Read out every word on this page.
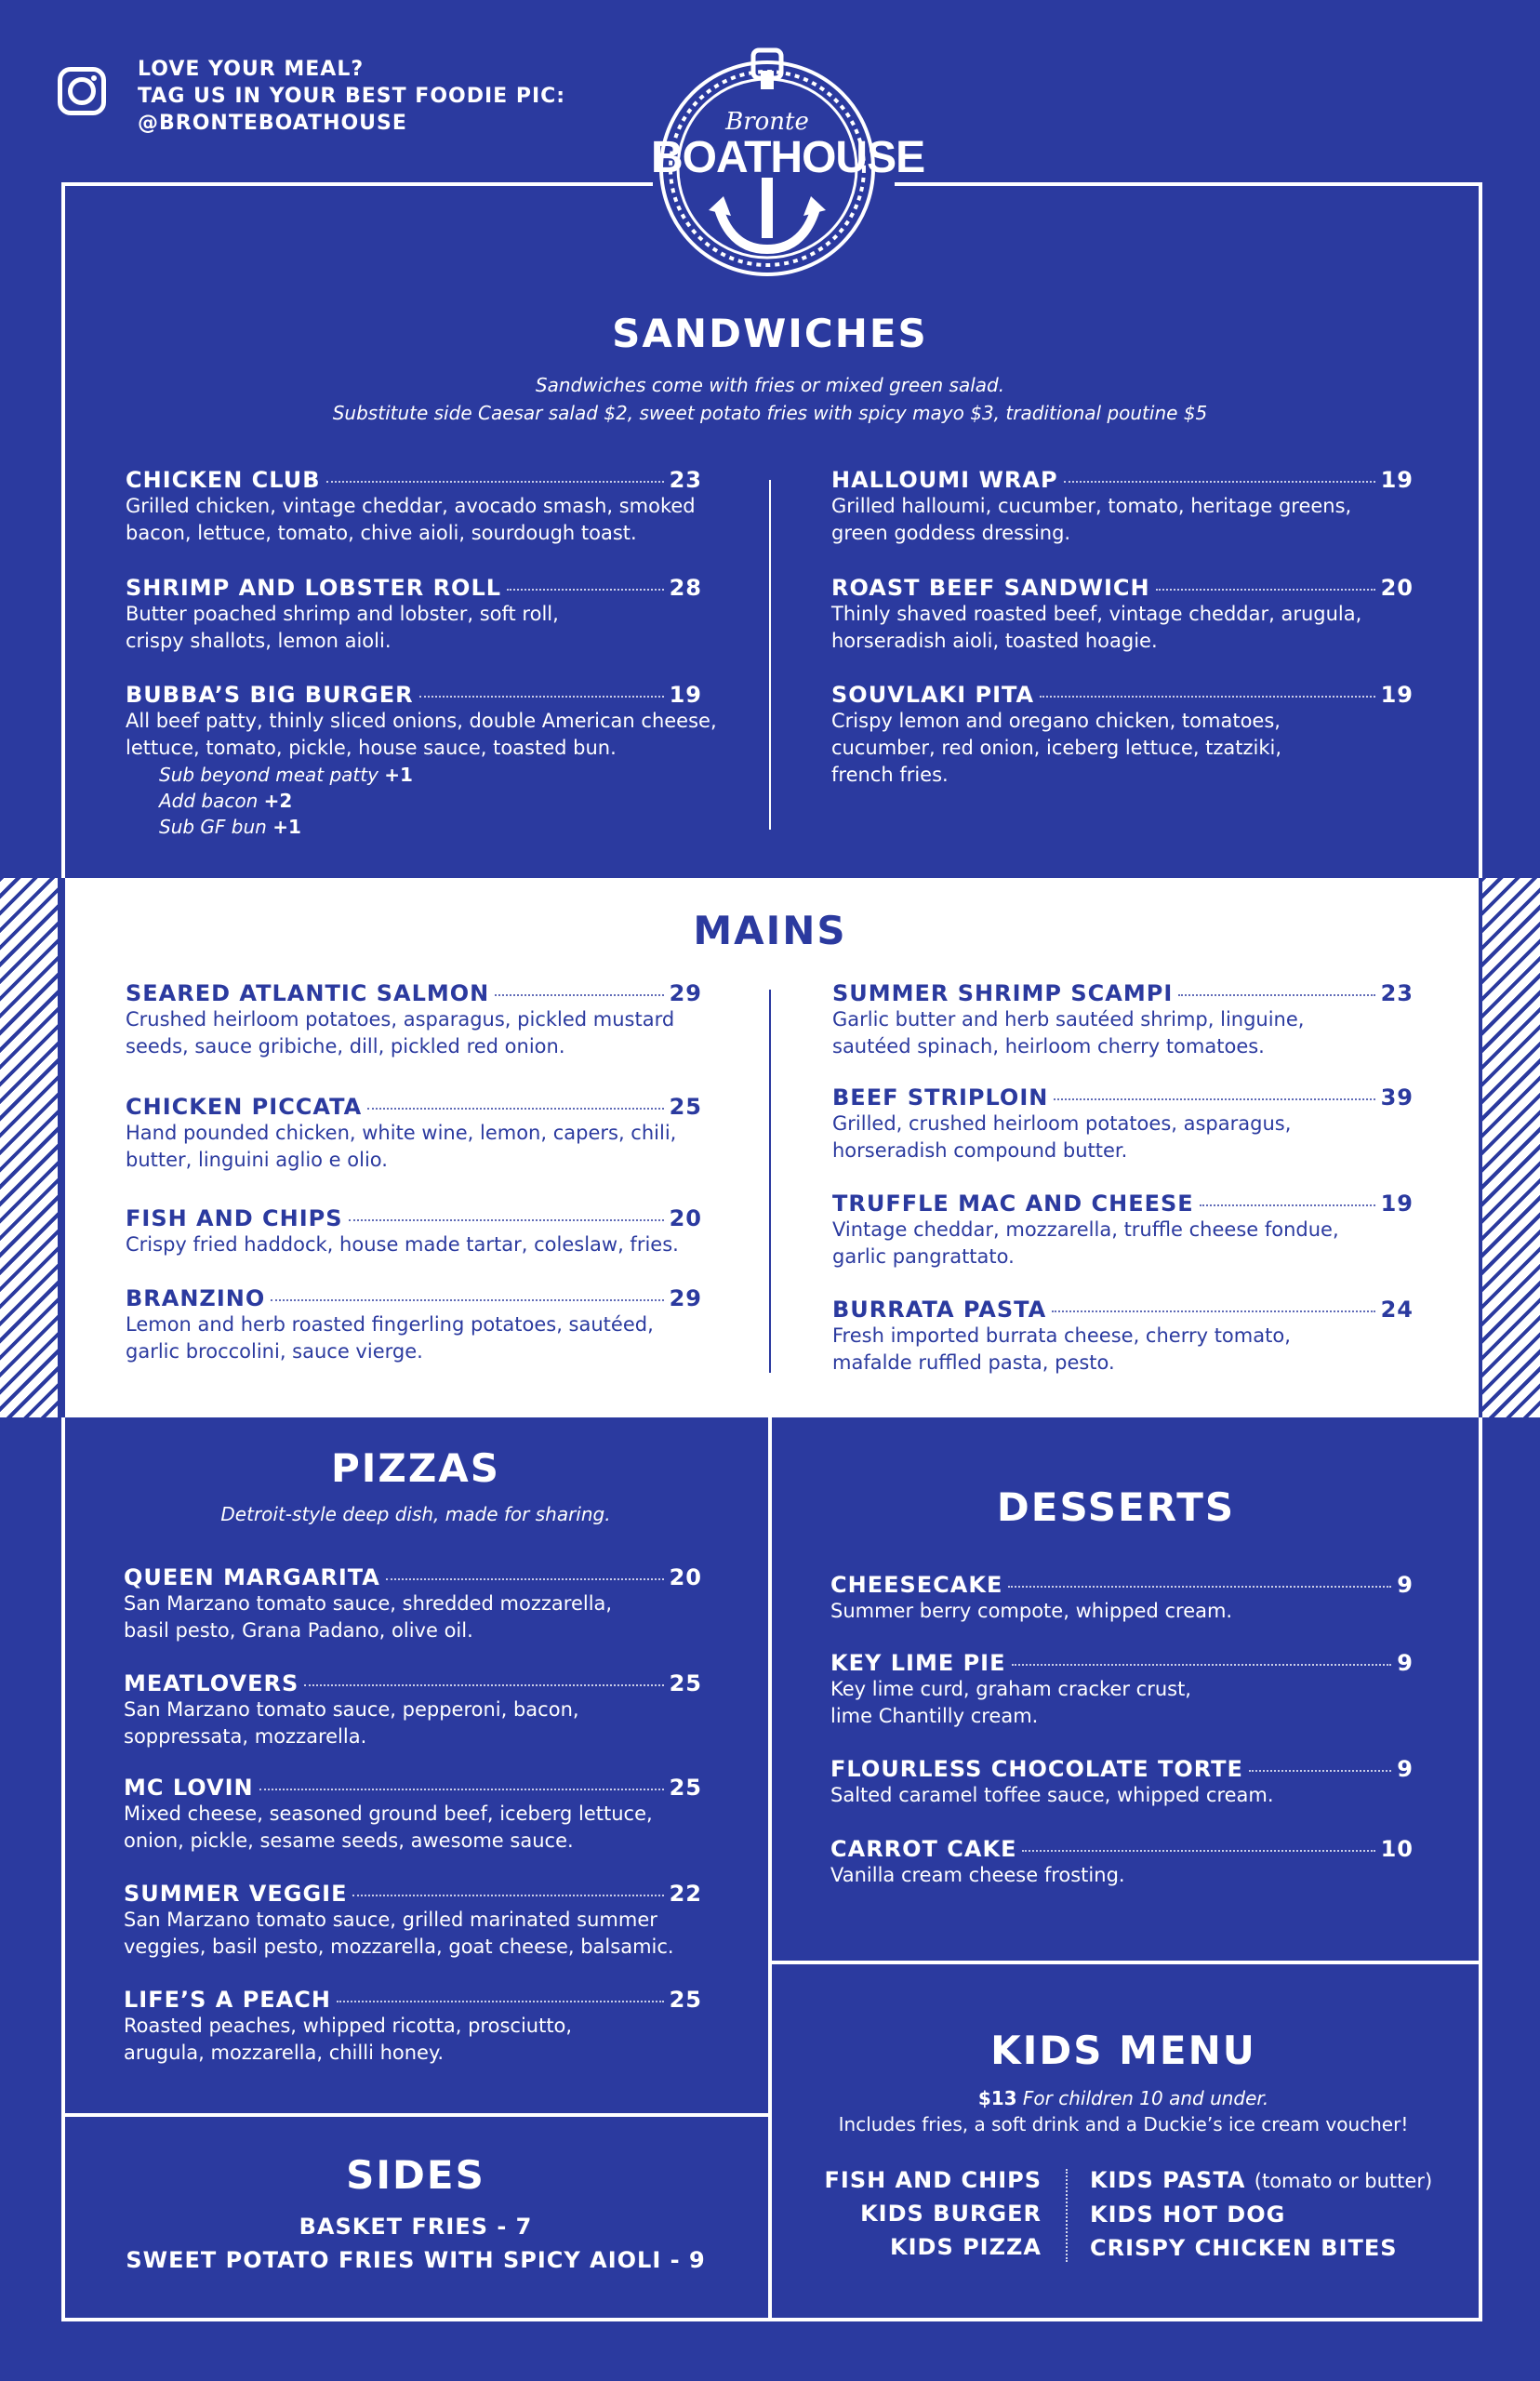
LOVE YOUR MEAL?
TAG US IN YOUR BEST FOODIE PIC:
@BRONTEBOATHOUSE	Bronte
BOATHOUSE
SANDWICHES
Sandwiches come with fries or mixed green salad.
Substitute side Caesar salad $2, sweet potato fries with spicy mayo $3, traditional poutine $5
CHICKEN CLUB	23
Grilled chicken, vintage cheddar, avocado smash, smoked
bacon, lettuce, tomato, chive aioli, sourdough toast.
SHRIMP AND LOBSTER ROLL	28
Butter poached shrimp and lobster, soft roll,
crispy shallots, lemon aioli.
BUBBA’S BIG BURGER	19
All beef patty, thinly sliced onions, double American cheese,
lettuce, tomato, pickle, house sauce, toasted bun.
Sub beyond meat patty +1
Add bacon +2
Sub GF bun +1
HALLOUMI WRAP	19
Grilled halloumi, cucumber, tomato, heritage greens,
green goddess dressing.
ROAST BEEF SANDWICH	20
Thinly shaved roasted beef, vintage cheddar, arugula,
horseradish aioli, toasted hoagie.
SOUVLAKI PITA	19
Crispy lemon and oregano chicken, tomatoes,
cucumber, red onion, iceberg lettuce, tzatziki,
french fries.
MAINS
SEARED ATLANTIC SALMON	29
Crushed heirloom potatoes, asparagus, pickled mustard
seeds, sauce gribiche, dill, pickled red onion.
CHICKEN PICCATA	25
Hand pounded chicken, white wine, lemon, capers, chili,
butter, linguini aglio e olio.
FISH AND CHIPS	20
Crispy fried haddock, house made tartar, coleslaw, fries.
BRANZINO	29
Lemon and herb roasted fingerling potatoes, sautéed,
garlic broccolini, sauce vierge.
SUMMER SHRIMP SCAMPI	23
Garlic butter and herb sautéed shrimp, linguine,
sautéed spinach, heirloom cherry tomatoes.
BEEF STRIPLOIN	39
Grilled, crushed heirloom potatoes, asparagus,
horseradish compound butter.
TRUFFLE MAC AND CHEESE	19
Vintage cheddar, mozzarella, truffle cheese fondue,
garlic pangrattato.
BURRATA PASTA	24
Fresh imported burrata cheese, cherry tomato,
mafalde ruffled pasta, pesto.
PIZZAS
Detroit-style deep dish, made for sharing.
QUEEN MARGARITA	20
San Marzano tomato sauce, shredded mozzarella,
basil pesto, Grana Padano, olive oil.
MEATLOVERS	25
San Marzano tomato sauce, pepperoni, bacon,
soppressata, mozzarella.
MC LOVIN	25
Mixed cheese, seasoned ground beef, iceberg lettuce,
onion, pickle, sesame seeds, awesome sauce.
SUMMER VEGGIE	22
San Marzano tomato sauce, grilled marinated summer
veggies, basil pesto, mozzarella, goat cheese, balsamic.
LIFE’S A PEACH	25
Roasted peaches, whipped ricotta, prosciutto,
arugula, mozzarella, chilli honey.
DESSERTS
CHEESECAKE	9
Summer berry compote, whipped cream.
KEY LIME PIE	9
Key lime curd, graham cracker crust,
lime Chantilly cream.
FLOURLESS CHOCOLATE TORTE	9
Salted caramel toffee sauce, whipped cream.
CARROT CAKE	10
Vanilla cream cheese frosting.
SIDES
BASKET FRIES - 7
SWEET POTATO FRIES WITH SPICY AIOLI - 9
KIDS MENU
$13 For children 10 and under.
Includes fries, a soft drink and a Duckie’s ice cream voucher!
FISH AND CHIPS
KIDS BURGER
KIDS PIZZA
KIDS PASTA (tomato or butter)
KIDS HOT DOG
CRISPY CHICKEN BITES
